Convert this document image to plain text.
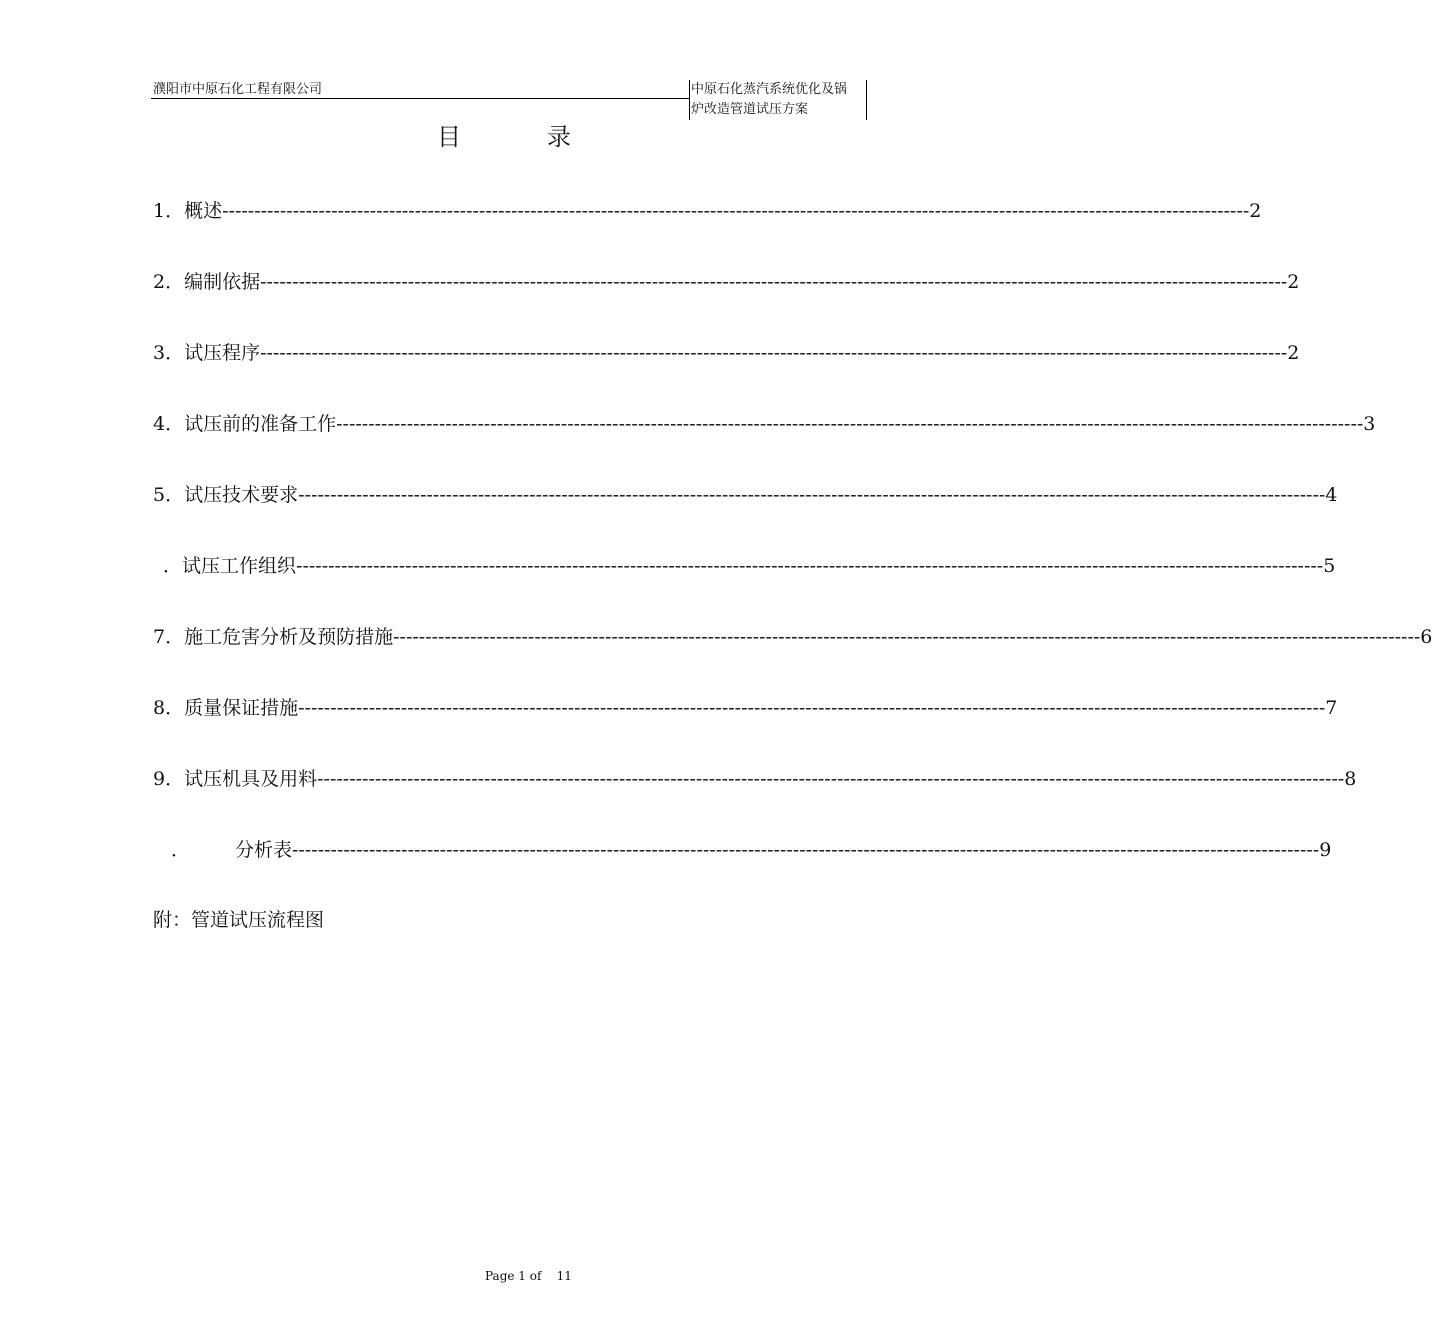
濮阳市中原石化工程有限公司	中原石化蒸汽系统优化及锅
炉改造管道试压方案
目	录
1． 概述 ---------------------------------------------------------------------------------------------------------------------------------------------------------------- 2
2． 编制依据 ---------------------------------------------------------------------------------------------------------------------------------------------------------------- 2
3． 试压程序 ---------------------------------------------------------------------------------------------------------------------------------------------------------------- 2
4． 试压前的准备工作 ---------------------------------------------------------------------------------------------------------------------------------------------------------------- 3
5． 试压技术要求 ---------------------------------------------------------------------------------------------------------------------------------------------------------------- 4
． 试压工作组织 ---------------------------------------------------------------------------------------------------------------------------------------------------------------- 5
7． 施工危害分析及预防措施 ---------------------------------------------------------------------------------------------------------------------------------------------------------------- 6
8． 质量保证措施 ---------------------------------------------------------------------------------------------------------------------------------------------------------------- 7
9． 试压机具及用料 ---------------------------------------------------------------------------------------------------------------------------------------------------------------- 8
．	分析表 ---------------------------------------------------------------------------------------------------------------------------------------------------------------- 9
附：管道试压流程图
Page 1 of    11
